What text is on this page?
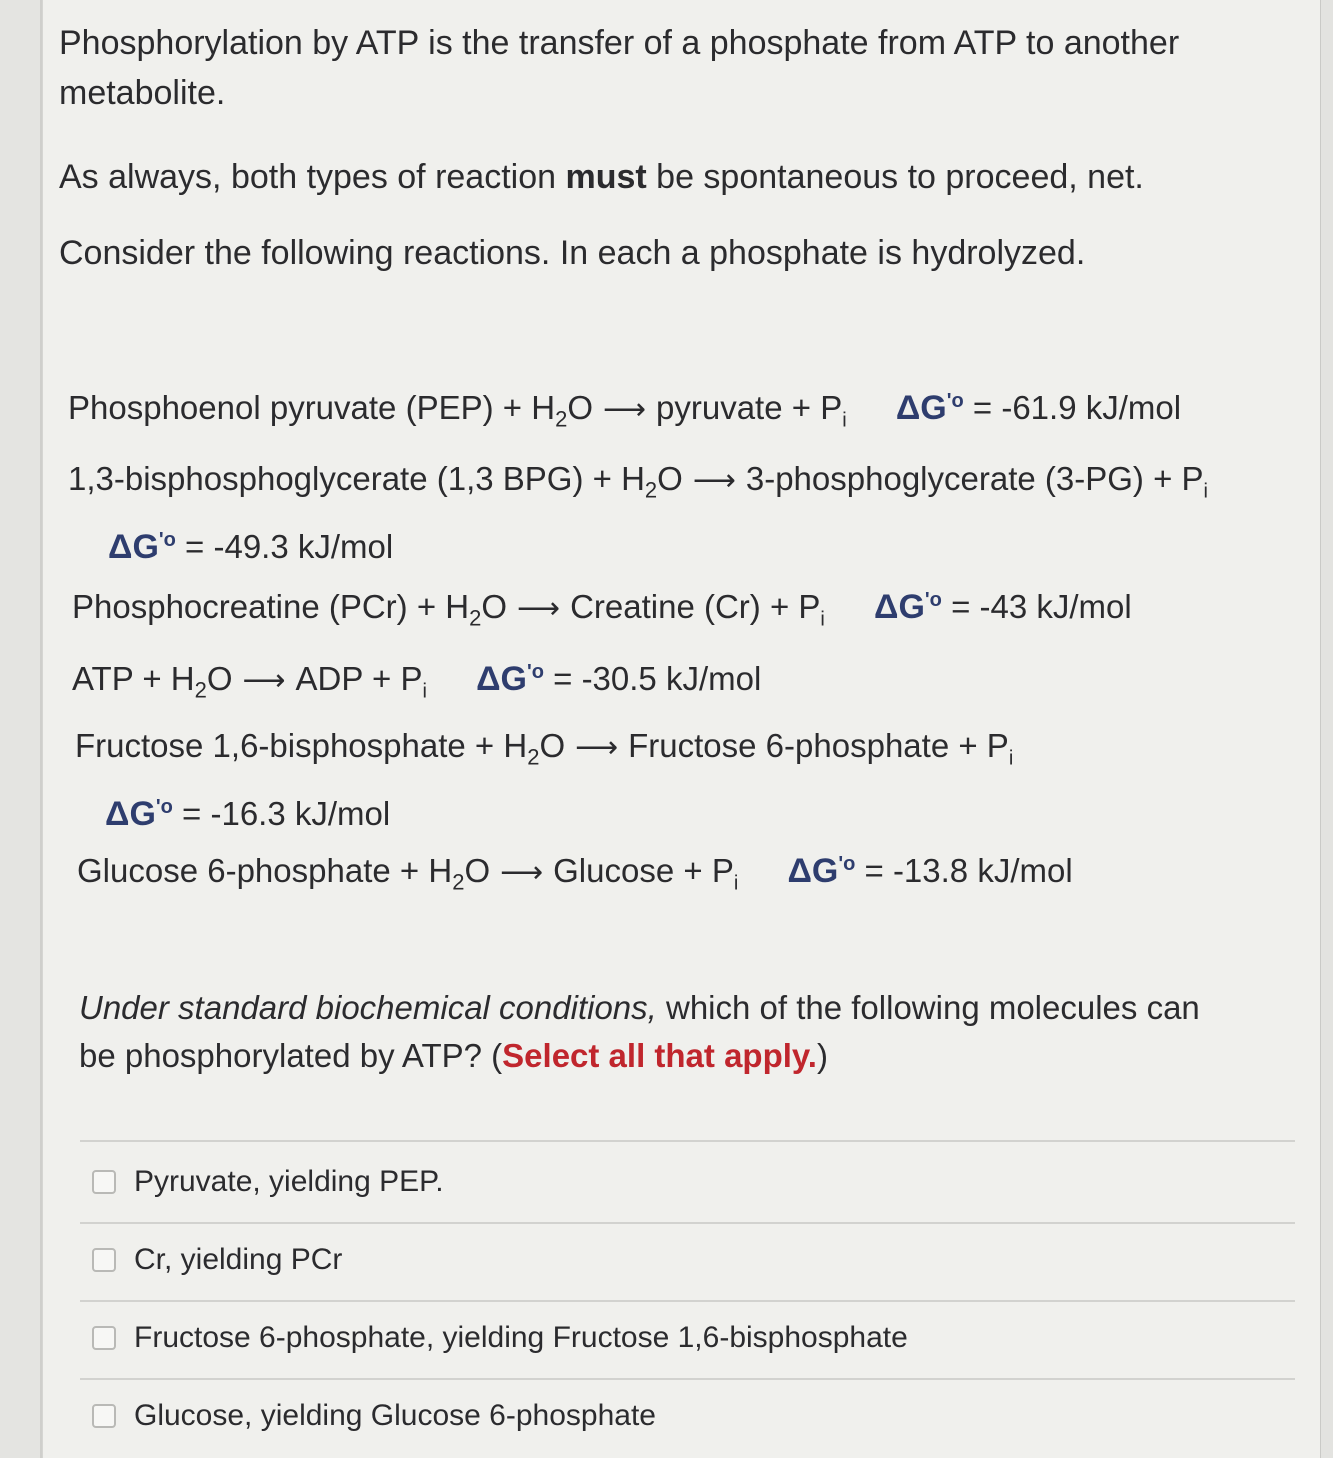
Phosphorylation by ATP is the transfer of a phosphate from ATP to another metabolite.
As always, both types of reaction must be spontaneous to proceed, net.
Consider the following reactions. In each a phosphate is hydrolyzed.
Phosphoenol pyruvate $(PEP) + H_2O$ ⟶ pyruvate + $P_i$ $\Delta G^{'o} = -61.9$ kJ/mol
1,3-bisphosphoglycerate (1,3 $BPG) + H_2O$ ⟶ 3-phosphoglycerate $(3-PG) + P_i$ $\Delta G^{'o} = -49.3$ kJ/mol
Phosphocreatine $(PCr) + H_2O$ ⟶ Creatine $(Cr) + P_i$ $\Delta G^{'o} = -43$ kJ/mol
ATP + $H_2O$ ⟶ ADP + $P_i$ $\Delta G^{'o} = -30.5$ kJ/mol
Fructose 1,6-bisphosphate + $H_2O$ ⟶ Fructose 6-phosphate + $P_i$ $\Delta G^{'o} = -16.3$ kJ/mol
Glucose 6-phosphate + $H_2O$ ⟶ $Glucose + P_i$ $\Delta G^{'o} = -13.8$ kJ/mol
Under standard biochemical conditions, which of the following molecules can be phosphorylated by ATP? (Select all that apply.)
Pyruvate, yielding PEP.
Cr, yielding PCr
Fructose 6-phosphate, yielding Fructose 1,6-bisphosphate
Glucose, yielding Glucose 6-phosphate
